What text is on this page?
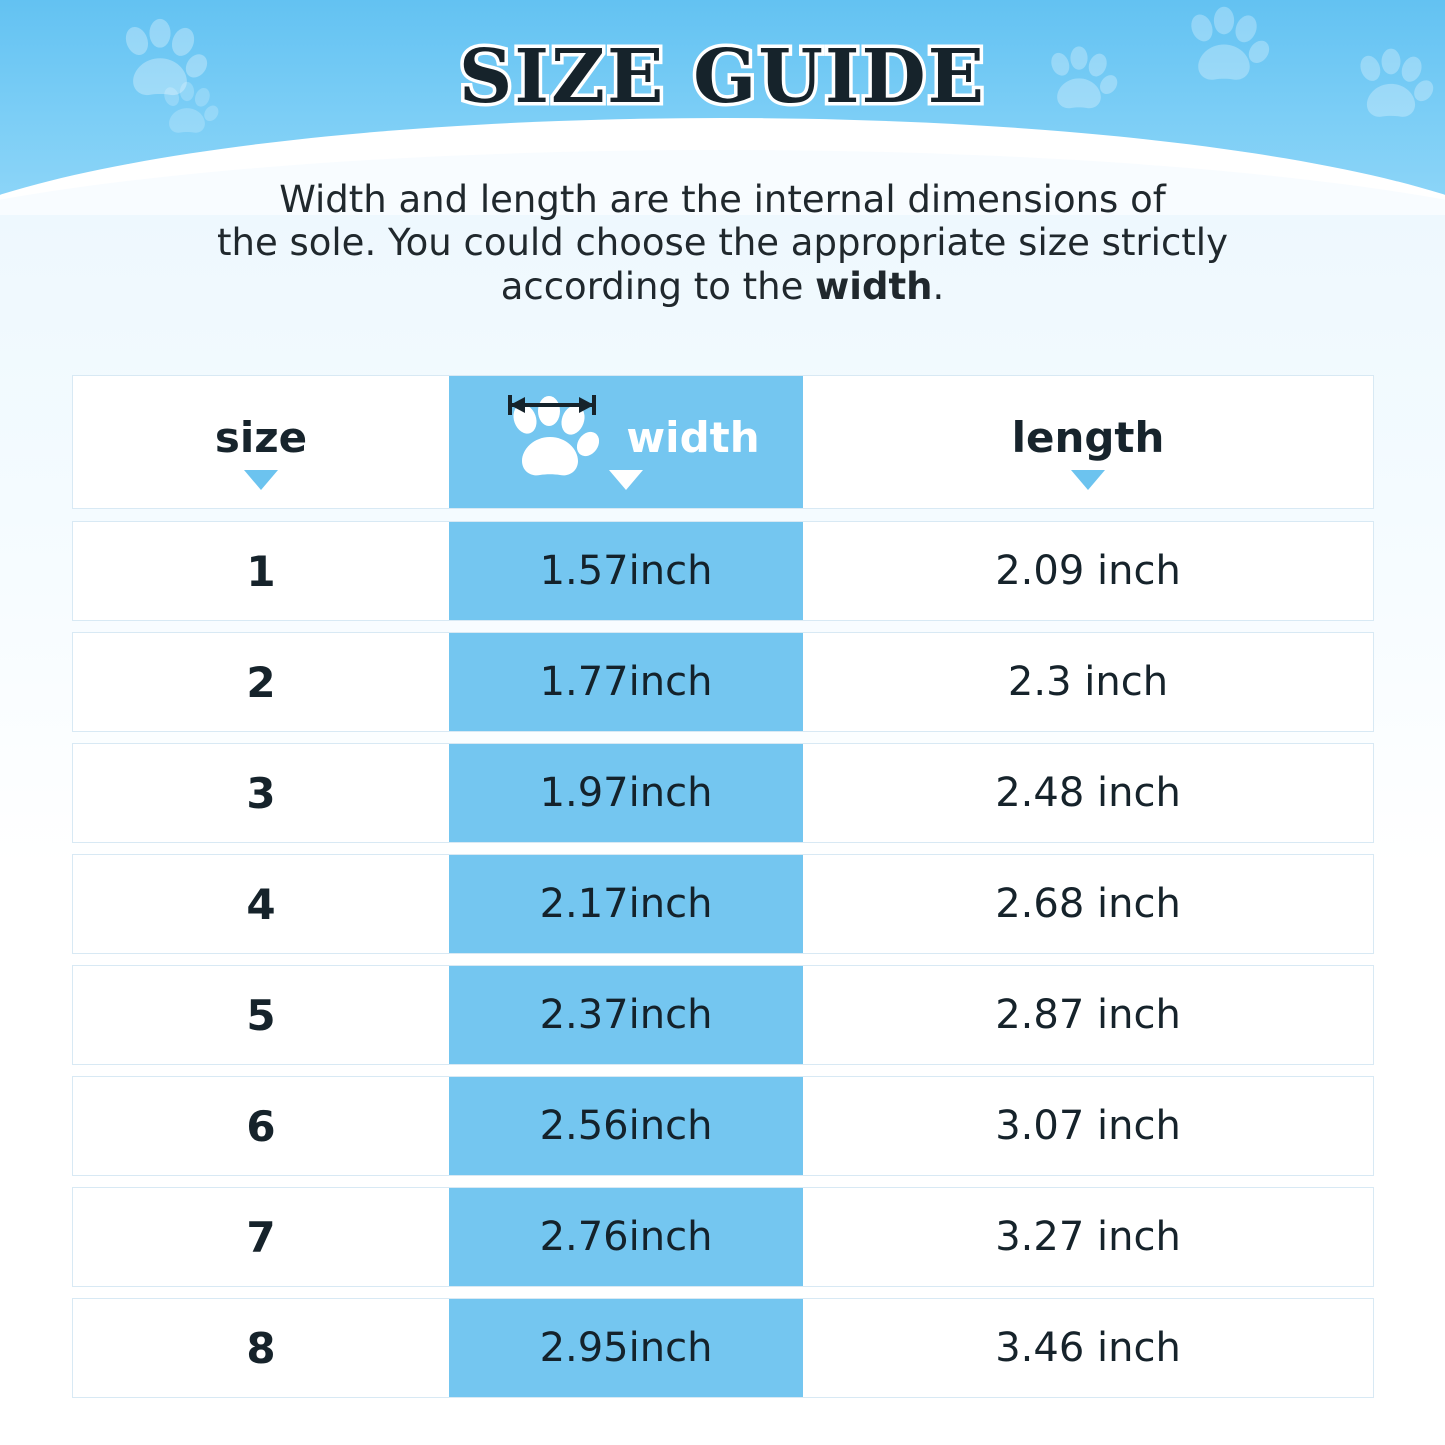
SIZE GUIDE
Width and length are the internal dimensions of
the sole. You could choose the appropriate size strictly
according to the width.
size	width	length
1	1.57inch	2.09 inch
2	1.77inch	2.3 inch
3	1.97inch	2.48 inch
4	2.17inch	2.68 inch
5	2.37inch	2.87 inch
6	2.56inch	3.07 inch
7	2.76inch	3.27 inch
8	2.95inch	3.46 inch
